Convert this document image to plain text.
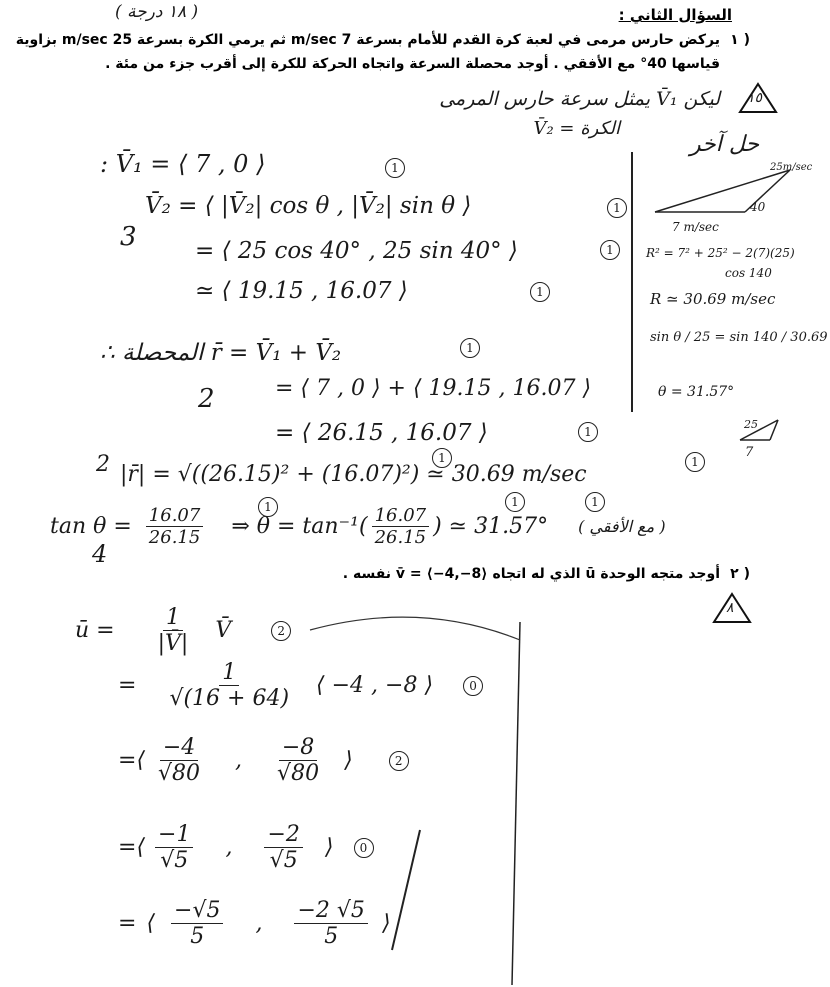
السؤال الثاني :
( ١٨ درجة )
١ )
يركض حارس مرمى في لعبة كرة القدم للأمام بسرعة 7 m/sec ثم يرمي الكرة بسرعة 25 m/sec بزاوية
قياسها 40° مع الأفقي . أوجد محصلة السرعة واتجاه الحركة للكرة إلى أقرب جزء من مئة .
١٥
ليكن V̄₁ يمثل سرعة حارس المرمى
الكرة = V̄₂
: V̄₁ = ⟨ 7 , 0 ⟩
V̄₂ = ⟨ |V̄₂| cos θ , |V̄₂| sin θ ⟩
= ⟨ 25 cos 40° , 25 sin 40° ⟩
≃ ⟨ 19.15 , 16.07 ⟩
∴ المحصلة r̄ = V̄₁ + V̄₂
= ⟨ 7 , 0 ⟩ + ⟨ 19.15 , 16.07 ⟩
= ⟨ 26.15 , 16.07 ⟩
|r̄| = √((26.15)² + (16.07)²) ≃ 30.69 m/sec
$\tan \theta = \frac{16.07}{26.15}$ ⇒ $\theta = \tan^{-1}( \frac{16.07}{26.15}$ ) ≃ 31.57° ( مع الأفقي )
3
2
2
4
1
1
1
1
1
1
1	1
1	1	1
حل آخر
25m/sec
40
7 m/sec
R² = 7² + 25² − 2(7)(25)
cos 140
R ≃ 30.69 m/sec
sin θ / 25 = sin 140 / 30.69
θ = 31.57°
25
7
٢ )
أوجد متجه الوحدة ū الذي له اتجاه v̄ = ⟨−4,−8⟩ نفسه .
٨
ū = $\frac{1}{|V̄|}$ V̄	2
= $\frac{1}{√(16 + 64)}$ ⟨ −4 , −8 ⟩	0
= ⟨ $\frac{-4}{√80}$ , $\frac{-8}{√80}$ ⟩	2
= ⟨ $\frac{-1}{√5}$ , $\frac{-2}{√5}$ ⟩	0
= ⟨ $\frac{-√5}{5}$ , $\frac{-2 √5}{5}$ ⟩
